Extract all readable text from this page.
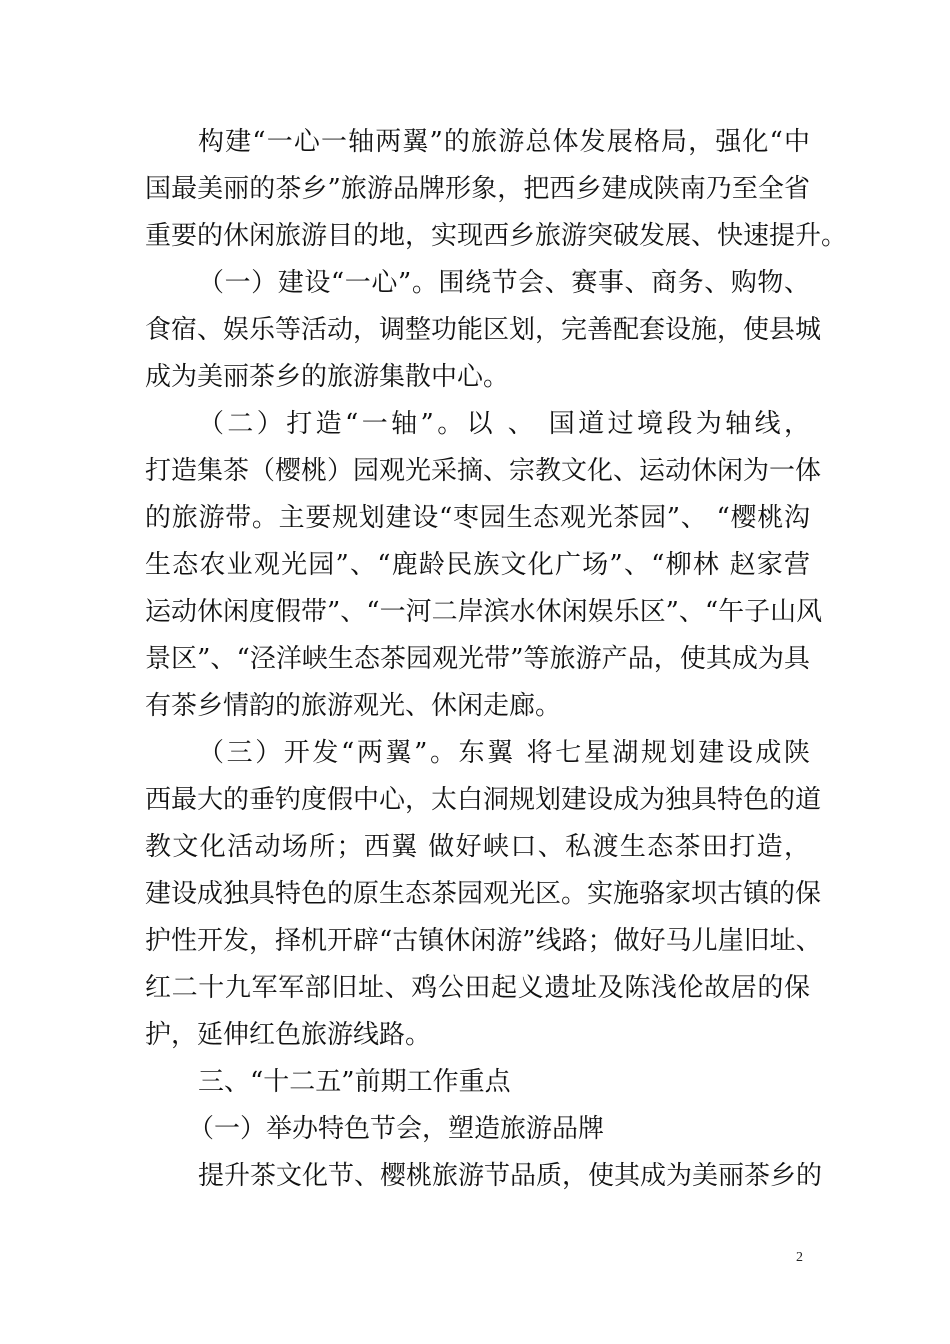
构建“一心一轴两翼”的旅游总体发展格局，强化“中
国最美丽的茶乡”旅游品牌形象，把西乡建成陕南乃至全省
重要的休闲旅游目的地，实现西乡旅游突破发展、快速提升。
（一）建设“一心”。围绕节会、赛事、商务、购物、
食宿、娱乐等活动，调整功能区划，完善配套设施，使县城
成为美丽茶乡的旅游集散中心。
（二）打造“一轴”。以 、 国道过境段为轴线，
打造集茶（樱桃）园观光采摘、宗教文化、运动休闲为一体
的旅游带。主要规划建设“枣园生态观光茶园”、 “樱桃沟
生态农业观光园”、“鹿龄民族文化广场”、“柳林 赵家营
运动休闲度假带”、“一河二岸滨水休闲娱乐区”、“午子山风
景区”、“泾洋峡生态茶园观光带”等旅游产品，使其成为具
有茶乡情韵的旅游观光、休闲走廊。
（三）开发“两翼”。东翼 将七星湖规划建设成陕
西最大的垂钓度假中心，太白洞规划建设成为独具特色的道
教文化活动场所；西翼 做好峡口、私渡生态茶田打造，
建设成独具特色的原生态茶园观光区。实施骆家坝古镇的保
护性开发，择机开辟“古镇休闲游”线路；做好马儿崖旧址、
红二十九军军部旧址、鸡公田起义遗址及陈浅伦故居的保
护，延伸红色旅游线路。
三、“十二五”前期工作重点
（一）举办特色节会，塑造旅游品牌
提升茶文化节、樱桃旅游节品质，使其成为美丽茶乡的
2
